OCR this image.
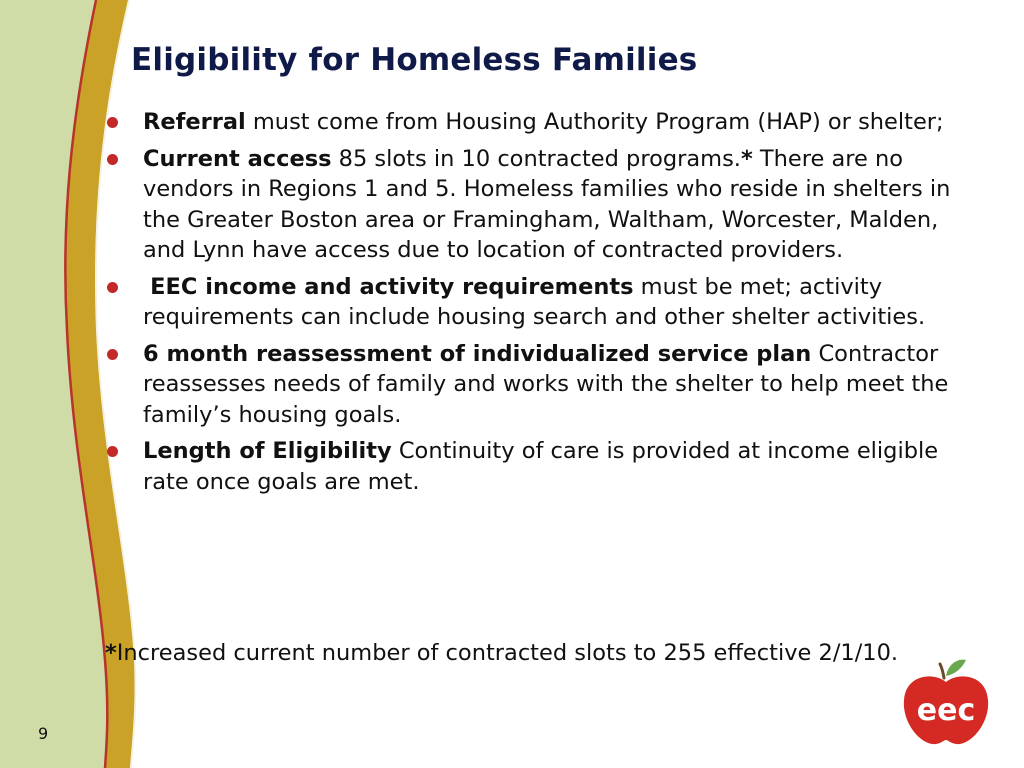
Eligibility for Homeless Families
Referral must come from Housing Authority Program (HAP) or shelter;
Current access 85 slots in 10 contracted programs.* There are no vendors in Regions 1 and 5. Homeless families who reside in shelters in the Greater Boston area or Framingham, Waltham, Worcester, Malden, and Lynn have access due to location of contracted providers.
EEC income and activity requirements must be met; activity requirements can include housing search and other shelter activities.
6 month reassessment of individualized service plan Contractor reassesses needs of family and works with the shelter to help meet the family’s housing goals.
Length of Eligibility Continuity of care is provided at income eligible rate once goals are met.
*Increased current number of contracted slots to 255 effective 2/1/10.
9
eec
